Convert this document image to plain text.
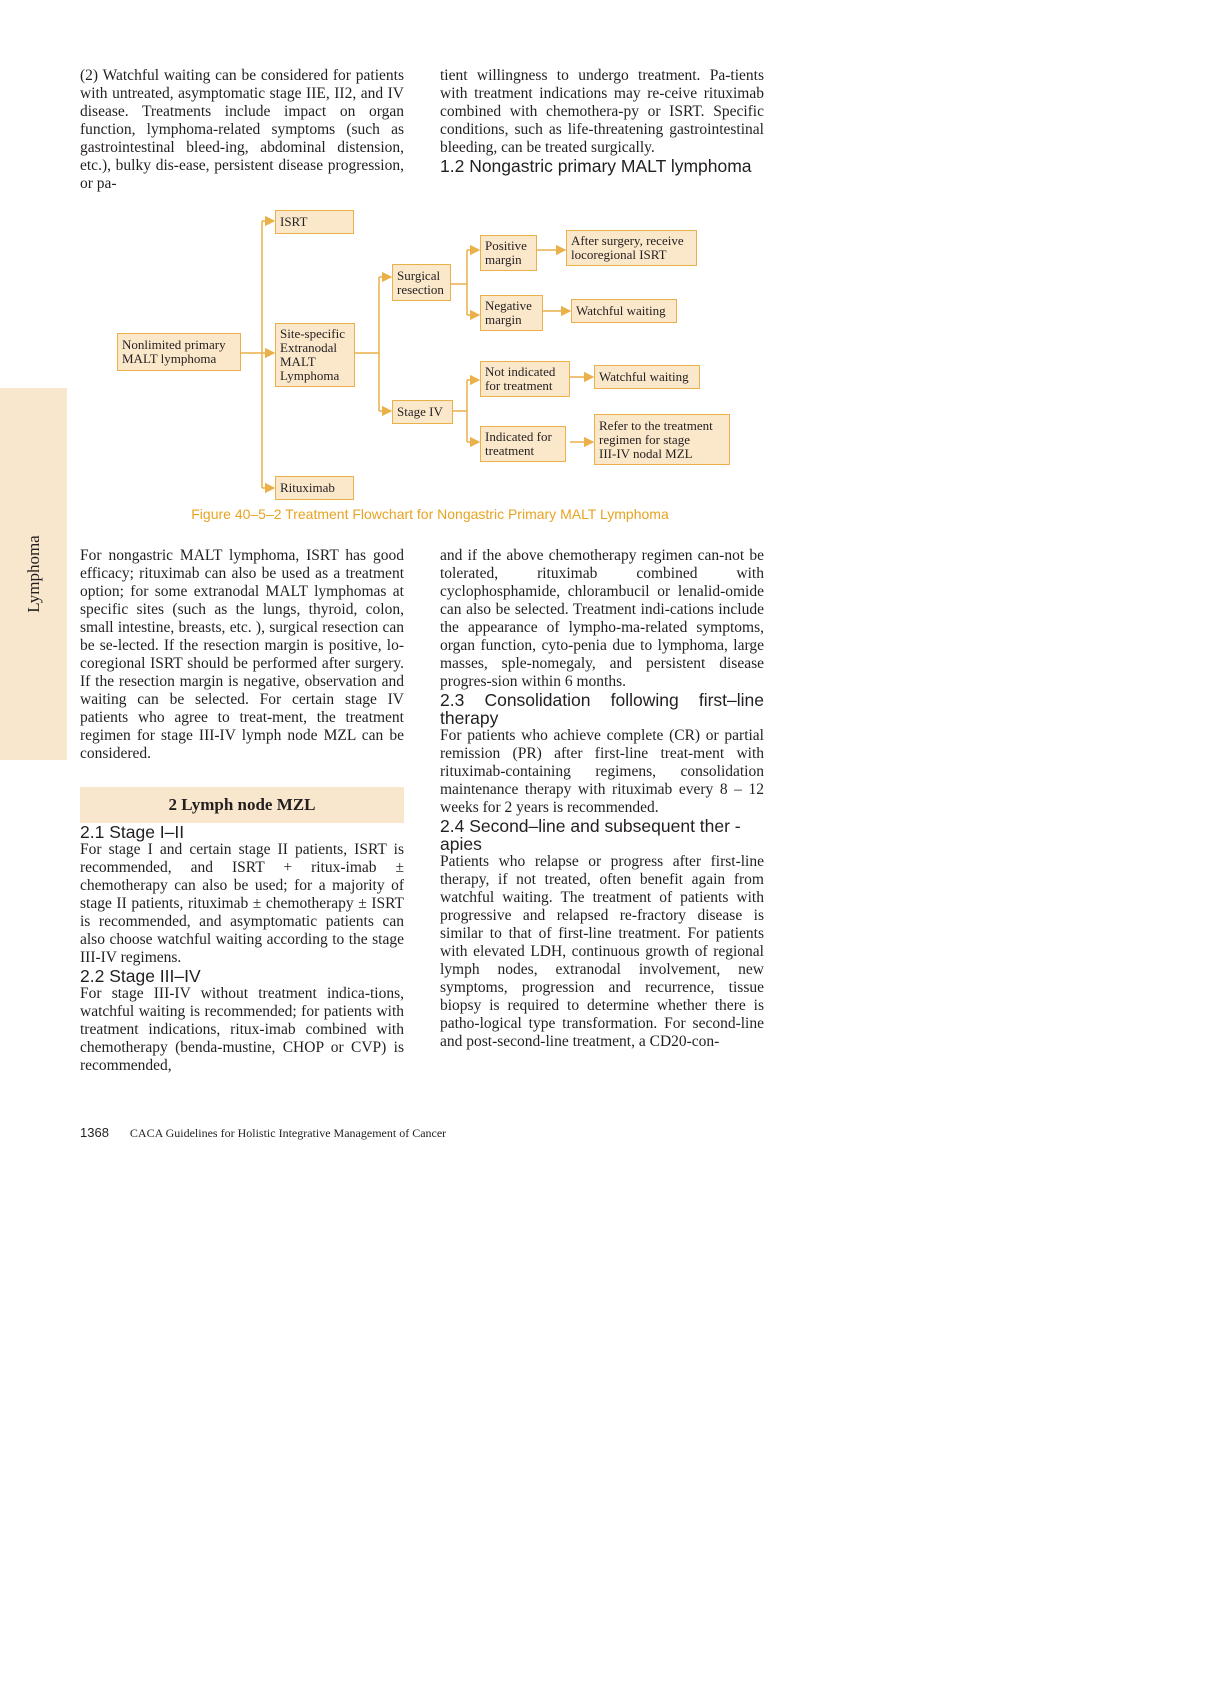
Lymphoma

(2) Watchful waiting can be considered for patients with untreated, asymptomatic stage IIE, II2, and IV disease. Treatments include impact on organ function, lymphoma-related symptoms (such as gastrointestinal bleed-ing, abdominal distension, etc.), bulky dis-ease, persistent disease progression, or pa-

tient willingness to undergo treatment. Pa-tients with treatment indications may re-ceive rituximab combined with chemothera-py or ISRT. Specific conditions, such as life-threatening gastrointestinal bleeding, can be treated surgically.

1.2 Nongastric primary MALT lymphoma

Nonlimited primary
MALT lymphoma
ISRT
Site-specific
Extranodal
MALT
Lymphoma
Rituximab
Surgical
resection
Stage IV
Positive
margin
Negative
margin
After surgery, receive
locoregional ISRT
Watchful waiting
Not indicated
for treatment
Indicated for
treatment
Watchful waiting
Refer to the treatment
regimen for stage
III-IV nodal MZL
Figure 40–5–2 Treatment Flowchart for Nongastric Primary MALT Lymphoma

For nongastric MALT lymphoma, ISRT has good efficacy; rituximab can also be used as a treatment option; for some extranodal MALT lymphomas at specific sites (such as the lungs, thyroid, colon, small intestine, breasts, etc. ), surgical resection can be se-lected. If the resection margin is positive, lo-coregional ISRT should be performed after surgery. If the resection margin is negative, observation and waiting can be selected. For certain stage IV patients who agree to treat-ment, the treatment regimen for stage III-IV lymph node MZL can be considered.

2 Lymph node MZL

2.1 Stage I–II

For stage I and certain stage II patients, ISRT is recommended, and ISRT + ritux-imab ± chemotherapy can also be used; for a majority of stage II patients, rituximab ± chemotherapy ± ISRT is recommended, and asymptomatic patients can also choose watchful waiting according to the stage III-IV regimens.

2.2 Stage III–IV

For stage III-IV without treatment indica-tions, watchful waiting is recommended; for patients with treatment indications, ritux-imab combined with chemotherapy (benda-mustine, CHOP or CVP) is recommended,

and if the above chemotherapy regimen can-not be tolerated, rituximab combined with cyclophosphamide, chlorambucil or lenalid-omide can also be selected. Treatment indi-cations include the appearance of lympho-ma-related symptoms, organ function, cyto-penia due to lymphoma, large masses, sple-nomegaly, and persistent disease progres-sion within 6 months.

2.3 Consolidation following first–line therapy

For patients who achieve complete (CR) or partial remission (PR) after first-line treat-ment with rituximab-containing regimens, consolidation maintenance therapy with rituximab every 8 – 12 weeks for 2 years is recommended.

2.4 Second–line and subsequent ther - apies

Patients who relapse or progress after first-line therapy, if not treated, often benefit again from watchful waiting. The treatment of patients with progressive and relapsed re-fractory disease is similar to that of first-line treatment. For patients with elevated LDH, continuous growth of regional lymph nodes, extranodal involvement, new symptoms, progression and recurrence, tissue biopsy is required to determine whether there is patho-logical type transformation. For second-line and post-second-line treatment, a CD20-con-

1368 CACA Guidelines for Holistic Integrative Management of Cancer
